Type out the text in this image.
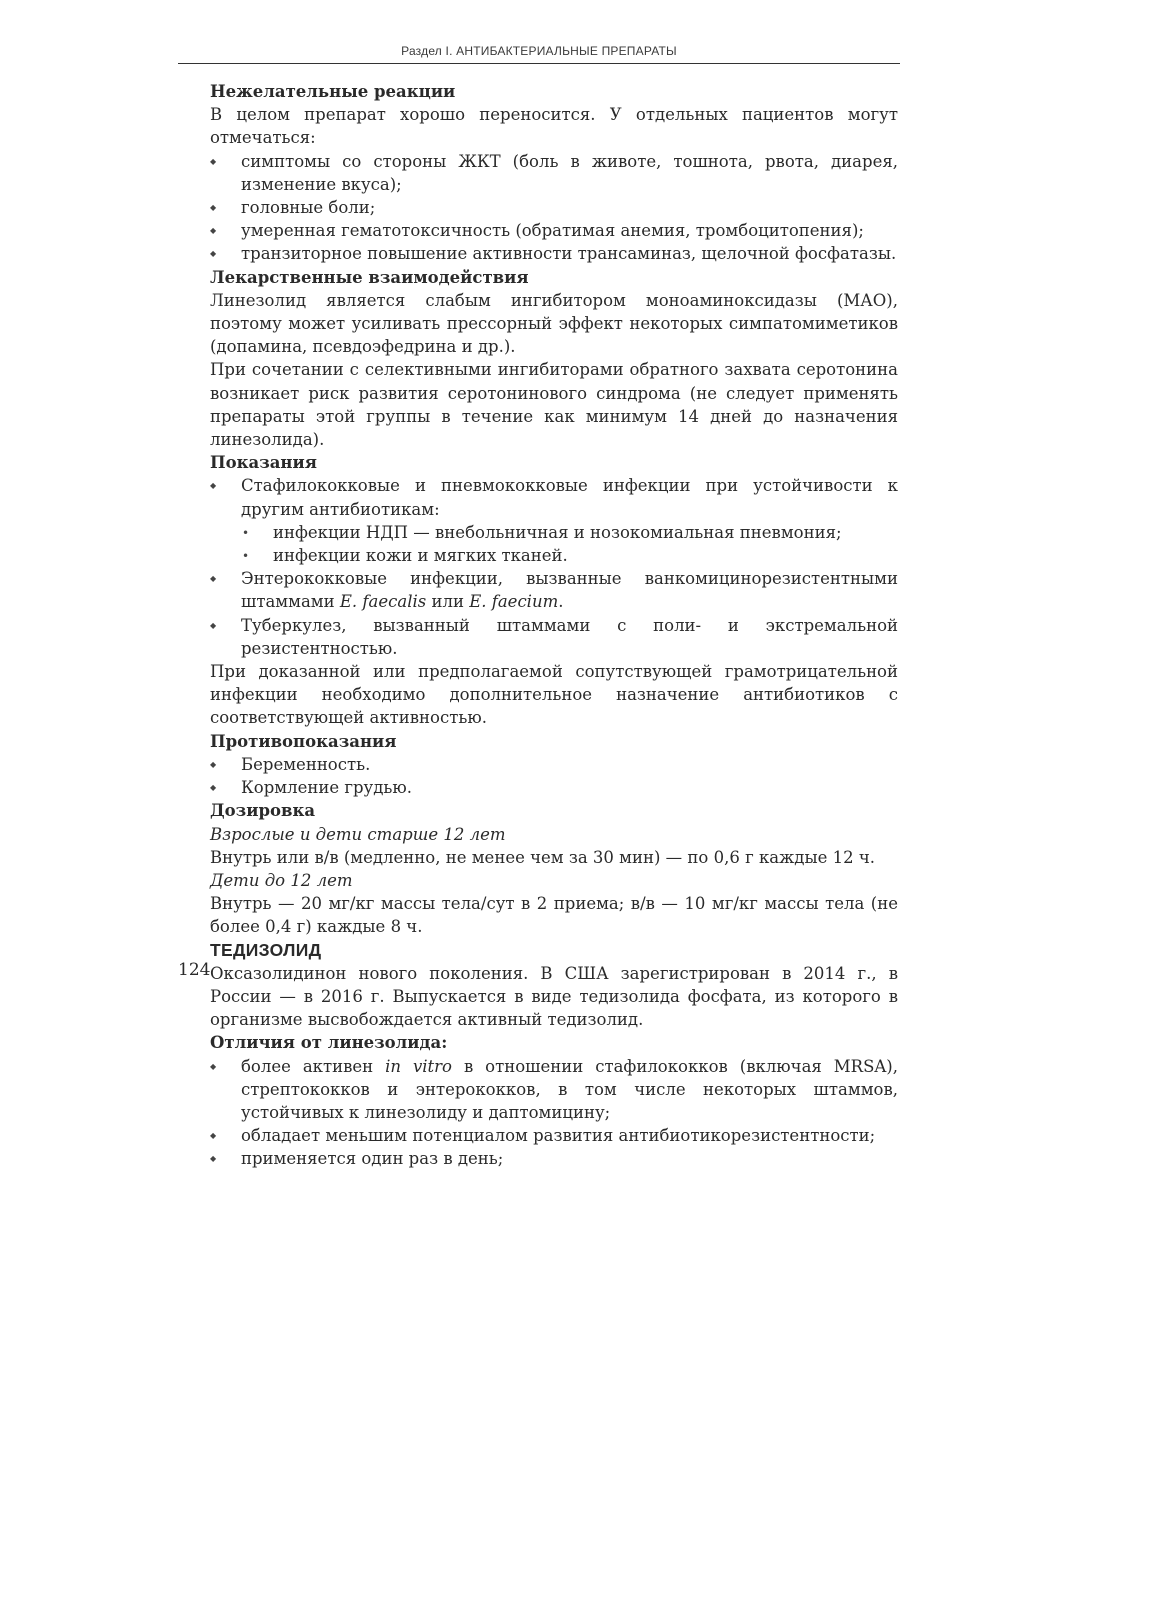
Раздел I. АНТИБАКТЕРИАЛЬНЫЕ ПРЕПАРАТЫ

Нежелательные реакции

В целом препарат хорошо переносится. У отдельных пациентов могут отмечаться:

◆ симптомы со стороны ЖКТ (боль в животе, тошнота, рвота, диарея, изменение вкуса);
◆ головные боли;
◆ умеренная гематотоксичность (обратимая анемия, тромбоцитопения);
◆ транзиторное повышение активности трансаминаз, щелочной фосфатазы.

Лекарственные взаимодействия

Линезолид является слабым ингибитором моноаминоксидазы (МАО), поэтому может усиливать прессорный эффект некоторых симпатомиметиков (допамина, псевдоэфедрина и др.).

При сочетании с селективными ингибиторами обратного захвата серотонина возникает риск развития серотонинового синдрома (не следует применять препараты этой группы в течение как минимум 14 дней до назначения линезолида).

Показания

◆ Стафилококковые и пневмококковые инфекции при устойчивости к другим антибиотикам:
• инфекции НДП — внебольничная и нозокомиальная пневмония;
• инфекции кожи и мягких тканей.
◆ Энтерококковые инфекции, вызванные ванкомицинорезистентными штаммами E. faecalis или E. faecium.
◆ Туберкулез, вызванный штаммами с поли- и экстремальной резистентностью.

При доказанной или предполагаемой сопутствующей грамотрицательной инфекции необходимо дополнительное назначение антибиотиков с соответствующей активностью.

Противопоказания

◆ Беременность.
◆ Кормление грудью.

Дозировка

Взрослые и дети старше 12 лет

Внутрь или в/в (медленно, не менее чем за 30 мин) — по 0,6 г каждые 12 ч.

Дети до 12 лет

Внутрь — 20 мг/кг массы тела/сут в 2 приема; в/в — 10 мг/кг массы тела (не более 0,4 г) каждые 8 ч.

ТЕДИЗОЛИД

Оксазолидинон нового поколения. В США зарегистрирован в 2014 г., в России — в 2016 г. Выпускается в виде тедизолида фосфата, из которого в организме высвобождается активный тедизолид.

Отличия от линезолида:

◆ более активен in vitro в отношении стафилококков (включая MRSA), стрептококков и энтерококков, в том числе некоторых штаммов, устойчивых к линезолиду и даптомицину;
◆ обладает меньшим потенциалом развития антибиотикорезистентности;
◆ применяется один раз в день;
124
